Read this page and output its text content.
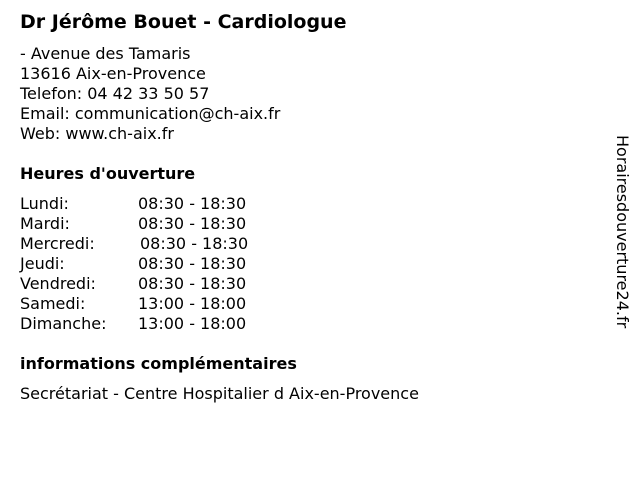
Dr Jérôme Bouet - Cardiologue
- Avenue des Tamaris
13616 Aix-en-Provence
Telefon: 04 42 33 50 57
Email: communication@ch-aix.fr
Web: www.ch-aix.fr
Heures d'ouverture
Lundi:	08:30 - 18:30
Mardi:	08:30 - 18:30
Mercredi:	08:30 - 18:30
Jeudi:	08:30 - 18:30
Vendredi:	08:30 - 18:30
Samedi:	13:00 - 18:00
Dimanche:	13:00 - 18:00
informations complémentaires
Secrétariat - Centre Hospitalier d Aix-en-Provence
Horairesdouverture24.fr
